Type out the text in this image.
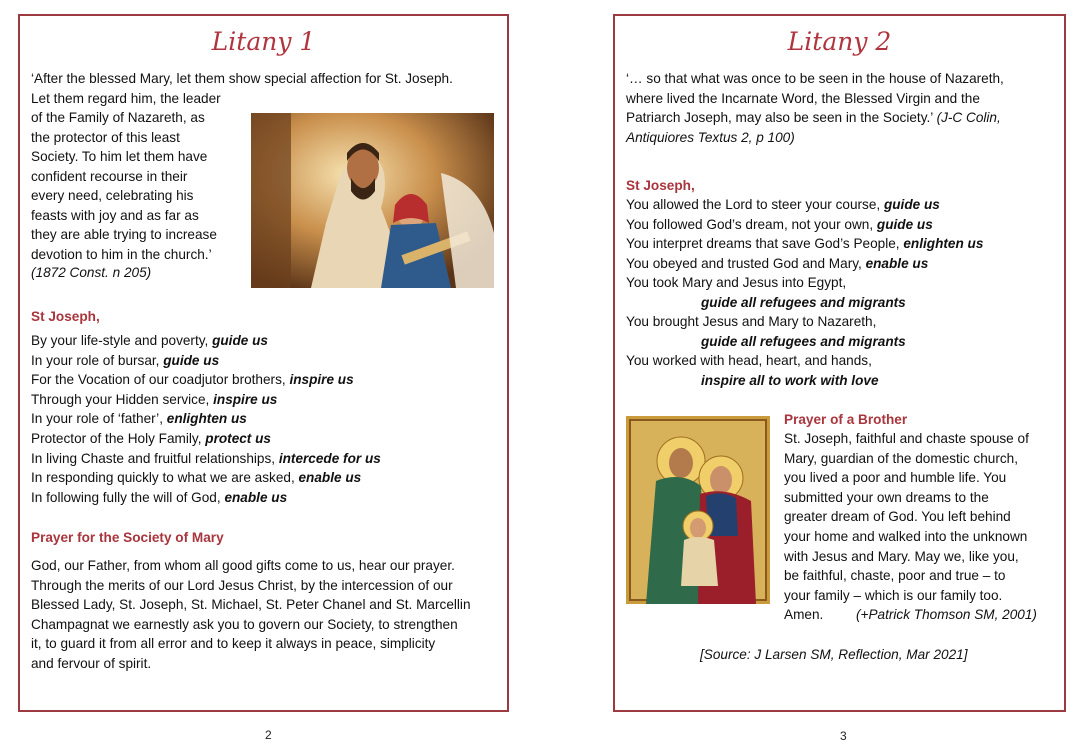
Litany 1
‘After the blessed Mary, let them show special affection for St. Joseph.
Let them regard him, the leader
of the Family of Nazareth, as
the protector of this least
Society. To him let them have
confident recourse in their
every need, celebrating his
feasts with joy and as far as
they are able trying to increase
devotion to him in the church.’
(1872 Const. n 205)
St Joseph,
By your life-style and poverty, guide us
In your role of bursar, guide us
For the Vocation of our coadjutor brothers, inspire us
Through your Hidden service, inspire us
In your role of ‘father’, enlighten us
Protector of the Holy Family, protect us
In living Chaste and fruitful relationships, intercede for us
In responding quickly to what we are asked, enable us
In following fully the will of God, enable us
Prayer for the Society of Mary
God, our Father, from whom all good gifts come to us, hear our prayer.
Through the merits of our Lord Jesus Christ, by the intercession of our
Blessed Lady, St. Joseph, St. Michael, St. Peter Chanel and St. Marcellin
Champagnat we earnestly ask you to govern our Society, to strengthen
it, to guard it from all error and to keep it always in peace, simplicity
and fervour of spirit.
2
Litany 2
‘… so that what was once to be seen in the house of Nazareth,
where lived the Incarnate Word, the Blessed Virgin and the
Patriarch Joseph, may also be seen in the Society.’ (J-C Colin,
Antiquiores Textus 2, p 100)
St Joseph,
You allowed the Lord to steer your course, guide us
You followed God’s dream, not your own, guide us
You interpret dreams that save God’s People, enlighten us
You obeyed and trusted God and Mary, enable us
You took Mary and Jesus into Egypt,
guide all refugees and migrants
You brought Jesus and Mary to Nazareth,
guide all refugees and migrants
You worked with head, heart, and hands,
inspire all to work with love
Prayer of a Brother
St. Joseph, faithful and chaste spouse of
Mary, guardian of the domestic church,
you lived a poor and humble life. You
submitted your own dreams to the
greater dream of God. You left behind
your home and walked into the unknown
with Jesus and Mary. May we, like you,
be faithful, chaste, poor and true – to
your family – which is our family too.
Amen. (+Patrick Thomson SM, 2001)
[Source: J Larsen SM, Reflection, Mar 2021]
3
